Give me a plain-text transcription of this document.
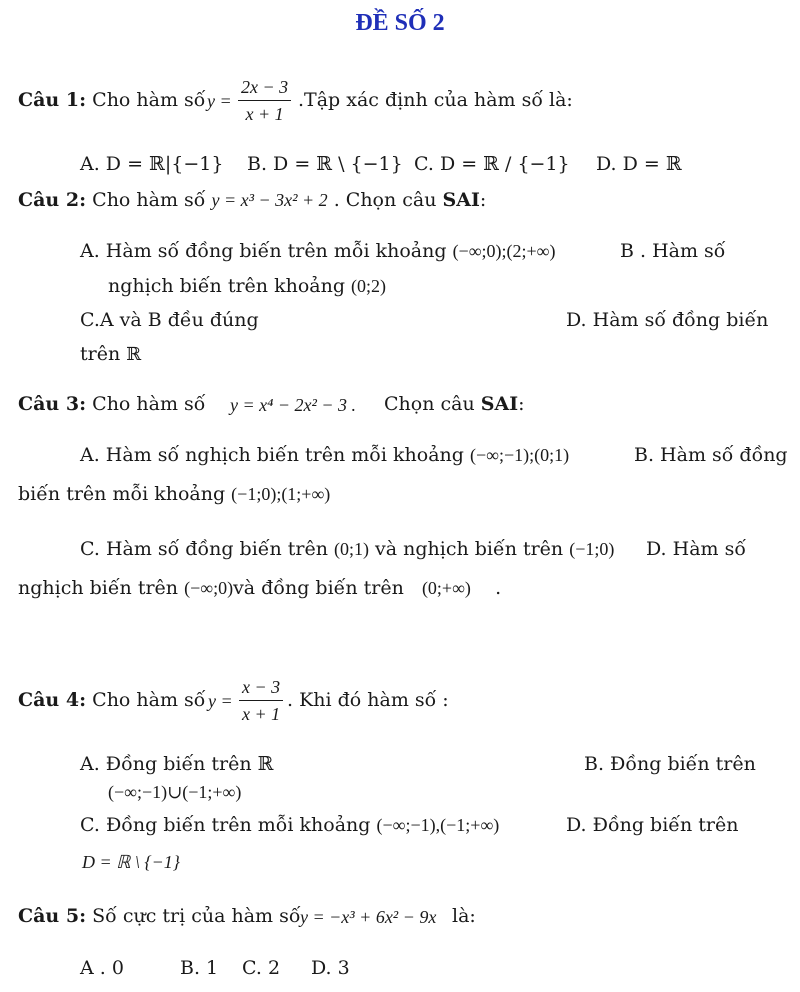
ĐỀ SỐ 2
Câu 1: Cho hàm số $y = \frac{2x - 3}{x + 1}$ .Tập xác định của hàm số là:
A. D = ℝ|{−1} B. D = ℝ \ {−1} C. D = ℝ / {−1} D. D = ℝ
Câu 2: Cho hàm số y = x³ − 3x² + 2 . Chọn câu SAI:
A. Hàm số đồng biến trên mỗi khoảng (−∞;0);(2;+∞)	B . Hàm số
nghịch biến trên khoảng (0;2)
C.A và B đều đúng	D. Hàm số đồng biến
trên ℝ
Câu 3: Cho hàm số y = x⁴ − 2x² − 3 . Chọn câu SAI:
A. Hàm số nghịch biến trên mỗi khoảng (−∞;−1);(0;1)	B. Hàm số đồng
biến trên mỗi khoảng (−1;0);(1;+∞)
C. Hàm số đồng biến trên (0;1) và nghịch biến trên (−1;0) D. Hàm số
nghịch biến trên (−∞;0)và đồng biến trên (0;+∞) .
Câu 4: Cho hàm số $y = \frac{x - 3}{x + 1}$ . Khi đó hàm số :
A. Đồng biến trên ℝ	B. Đồng biến trên
(−∞;−1)∪(−1;+∞)
C. Đồng biến trên mỗi khoảng (−∞;−1),(−1;+∞)	D. Đồng biến trên
D = ℝ \ {−1}
Câu 5: Số cực trị của hàm số y = −x³ + 6x² − 9x là:
A . 0	B. 1 C. 2 D. 3
